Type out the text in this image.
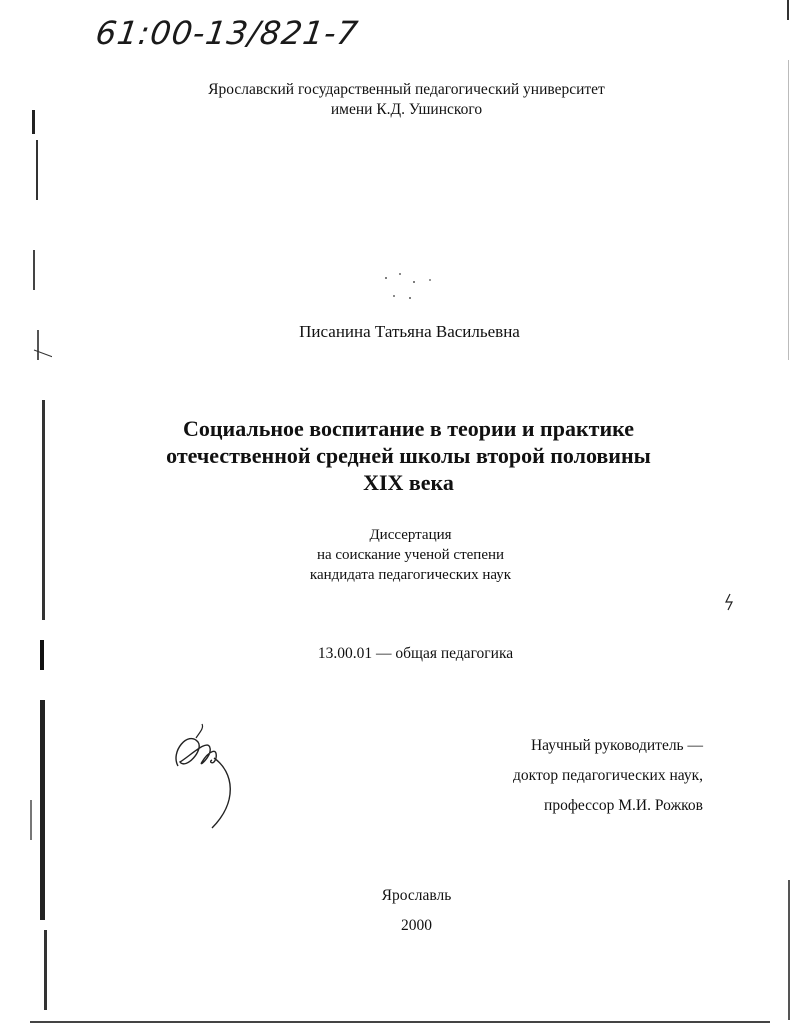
61:00-13/821-7
Ярославский государственный педагогический университет
имени К.Д. Ушинского
Писанина Татьяна Васильевна
Социальное воспитание в теории и практике
отечественной средней школы второй половины
XIX века
Диссертация
на соискание ученой степени
кандидата педагогических наук
13.00.01 — общая педагогика
Научный руководитель —
доктор педагогических наук,
профессор М.И. Рожков
Ярославль
2000
